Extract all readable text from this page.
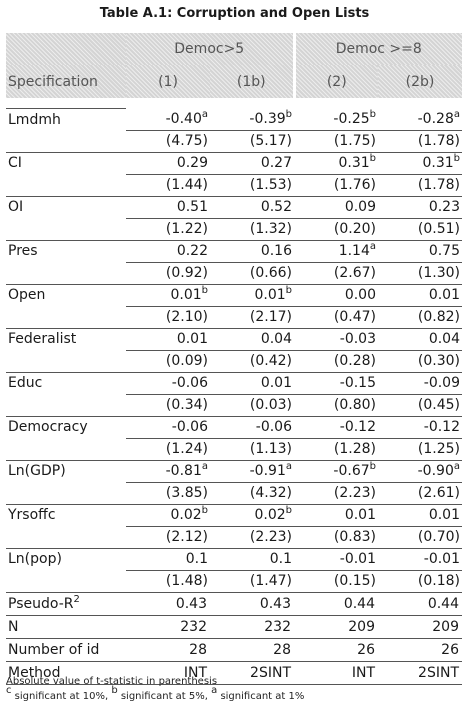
Table A.1: Corruption and Open Lists
	Democ>5		Democ >=8	
Specification	(1)	(1b)	(2)	(2b)

Lmdmh	-0.40$^a$	-0.39$^b$	-0.25$^b$	-0.28$^a$
	(4.75)	(5.17)	(1.75)	(1.78)
CI	0.29	0.27	0.31$^b$	0.31$^b$
	(1.44)	(1.53)	(1.76)	(1.78)
OI	0.51	0.52	0.09	0.23
	(1.22)	(1.32)	(0.20)	(0.51)
Pres	0.22	0.16	1.14$^a$	0.75
	(0.92)	(0.66)	(2.67)	(1.30)
Open	0.01$^b$	0.01$^b$	0.00	0.01
	(2.10)	(2.17)	(0.47)	(0.82)
Federalist	0.01	0.04	-0.03	0.04
	(0.09)	(0.42)	(0.28)	(0.30)
Educ	-0.06	0.01	-0.15	-0.09
	(0.34)	(0.03)	(0.80)	(0.45)
Democracy	-0.06	-0.06	-0.12	-0.12
	(1.24)	(1.13)	(1.28)	(1.25)
Ln(GDP)	-0.81$^a$	-0.91$^a$	-0.67$^b$	-0.90$^a$
	(3.85)	(4.32)	(2.23)	(2.61)
Yrsoffc	0.02$^b$	0.02$^b$	0.01	0.01
	(2.12)	(2.23)	(0.83)	(0.70)
Ln(pop)	0.1	0.1	-0.01	-0.01
	(1.48)	(1.47)	(0.15)	(0.18)
Pseudo-$R^2$	0.43	0.43	0.44	0.44
N	232	232	209	209
Number of id	28	28	26	26
Method	INT	2SINT	INT	2SINT
Absolute value of t-statistic in parenthesis
$^c$ significant at 10%, $^b$ significant at 5%, $^a$ significant at 1%
